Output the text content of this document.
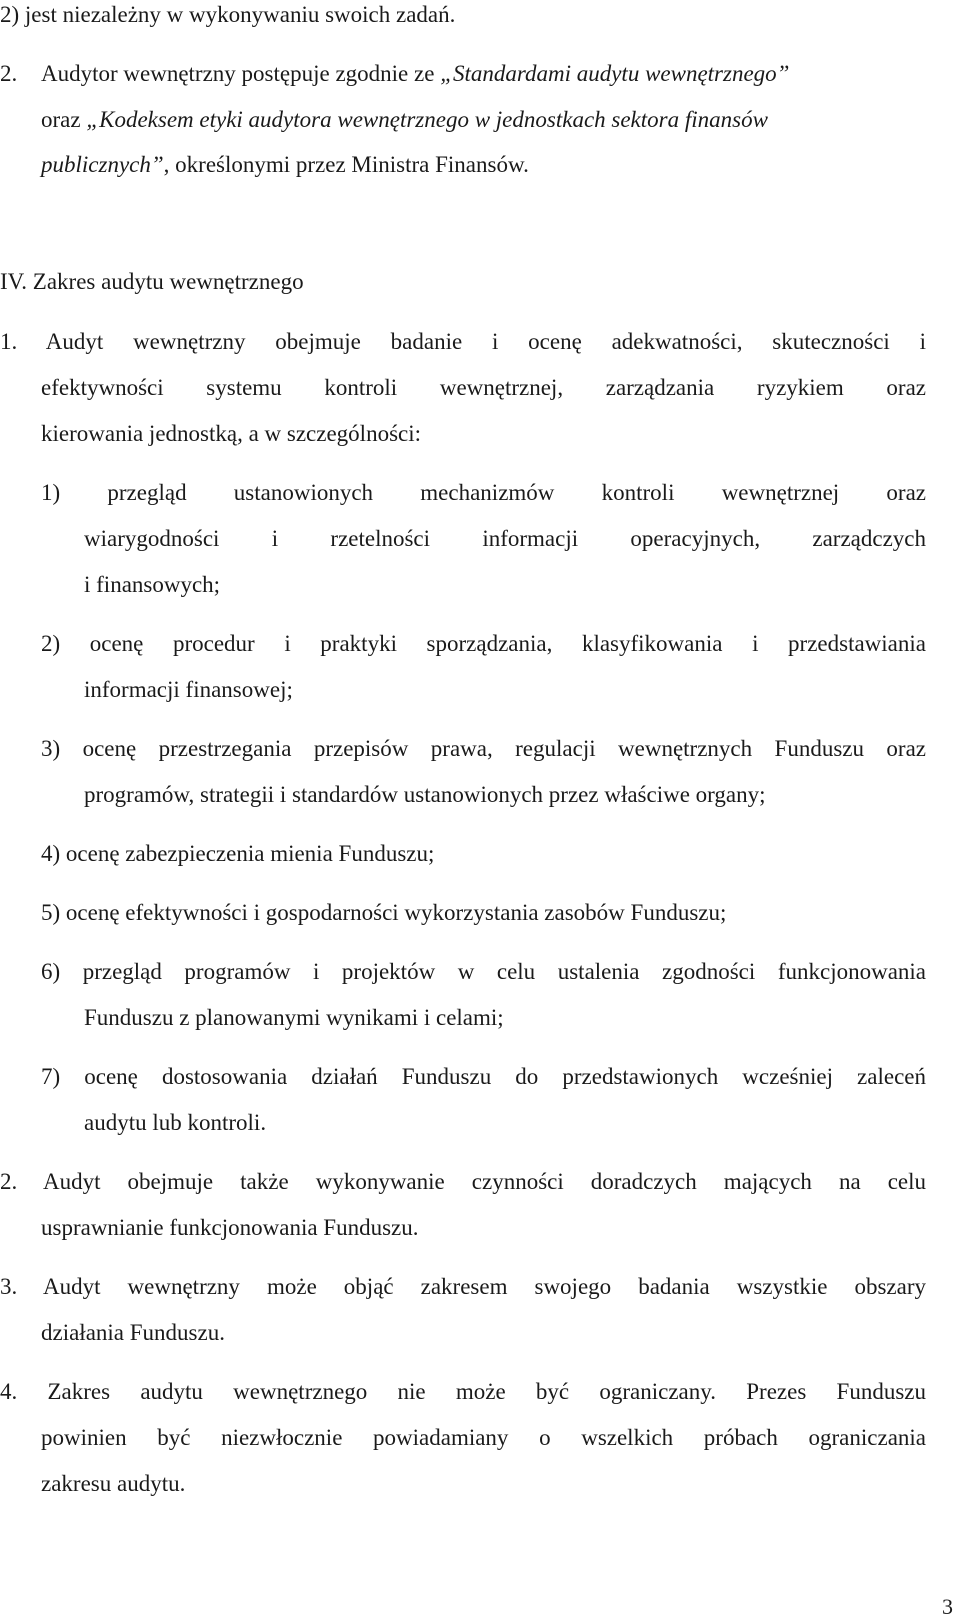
2) jest niezależny w wykonywaniu swoich zadań.
2. Audytor wewnętrzny postępuje zgodnie ze „Standardami audytu wewnętrznego”
oraz „Kodeksem etyki audytora wewnętrznego w jednostkach sektora finansów
publicznych”, określonymi przez Ministra Finansów.
IV. Zakres audytu wewnętrznego
1. Audyt wewnętrzny obejmuje badanie i ocenę adekwatności, skuteczności i
efektywności systemu kontroli wewnętrznej, zarządzania ryzykiem oraz
kierowania jednostką, a w szczególności:
1) przegląd ustanowionych mechanizmów kontroli wewnętrznej oraz
wiarygodności i rzetelności informacji operacyjnych, zarządczych
i finansowych;
2) ocenę procedur i praktyki sporządzania, klasyfikowania i przedstawiania
informacji finansowej;
3) ocenę przestrzegania przepisów prawa, regulacji wewnętrznych Funduszu oraz
programów, strategii i standardów ustanowionych przez właściwe organy;
4) ocenę zabezpieczenia mienia Funduszu;
5) ocenę efektywności i gospodarności wykorzystania zasobów Funduszu;
6) przegląd programów i projektów w celu ustalenia zgodności funkcjonowania
Funduszu z planowanymi wynikami i celami;
7) ocenę dostosowania działań Funduszu do przedstawionych wcześniej zaleceń
audytu lub kontroli.
2. Audyt obejmuje także wykonywanie czynności doradczych mających na celu
usprawnianie funkcjonowania Funduszu.
3. Audyt wewnętrzny może objąć zakresem swojego badania wszystkie obszary
działania Funduszu.
4. Zakres audytu wewnętrznego nie może być ograniczany. Prezes Funduszu
powinien być niezwłocznie powiadamiany o wszelkich próbach ograniczania
zakresu audytu.
3
